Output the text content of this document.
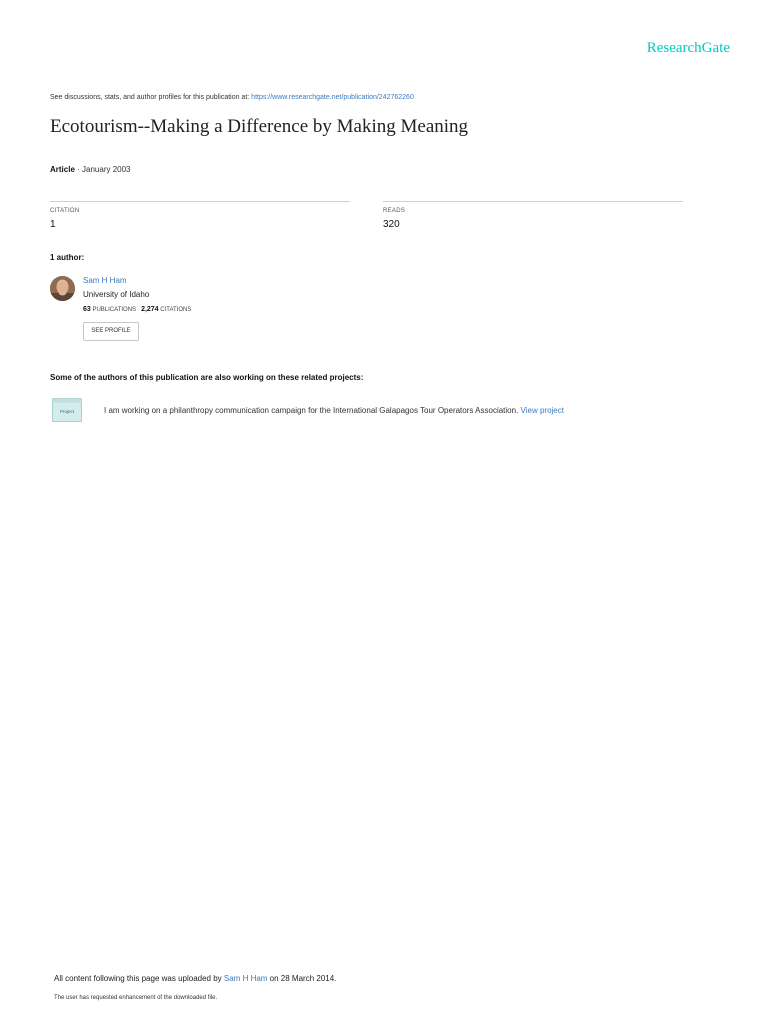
ResearchGate
See discussions, stats, and author profiles for this publication at: https://www.researchgate.net/publication/242762260
Ecotourism--Making a Difference by Making Meaning
Article · January 2003
CITATION
1
READS
320
1 author:
Sam H Ham
University of Idaho
63 PUBLICATIONS 2,274 CITATIONS
SEE PROFILE
Some of the authors of this publication are also working on these related projects:
Project	I am working on a philanthropy communication campaign for the International Galapagos Tour Operators Association. View project
All content following this page was uploaded by Sam H Ham on 28 March 2014.
The user has requested enhancement of the downloaded file.
